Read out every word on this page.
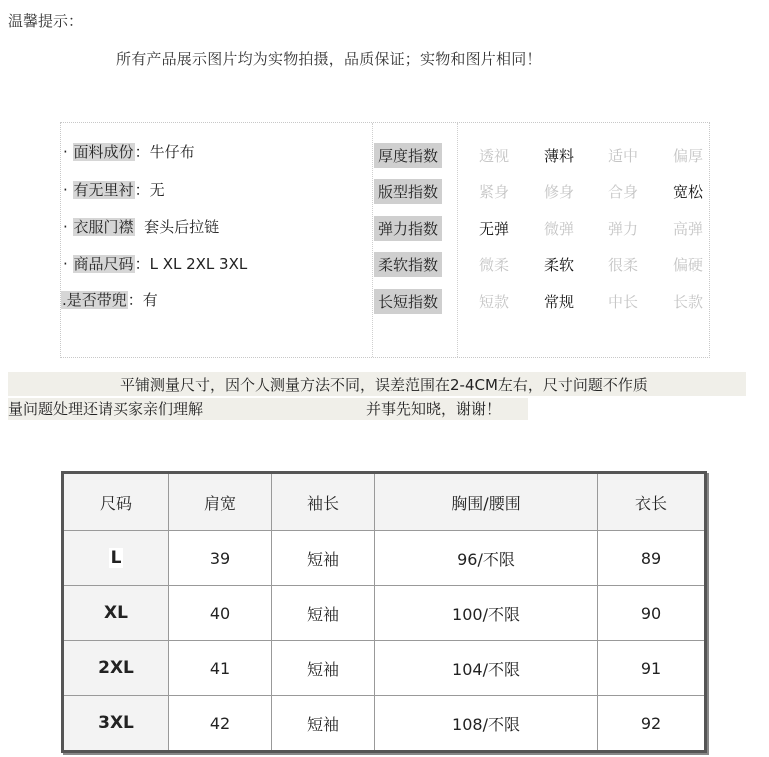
温馨提示：
所有产品展示图片均为实物拍摄，品质保证；实物和图片相同！
· 面料成份：牛仔布
· 有无里衬：无
· 衣服门襟 套头后拉链
· 商品尺码：L XL 2XL 3XL
.是否带兜：有
厚度指数	透视 薄料 适中 偏厚
版型指数	紧身 修身 合身 宽松
弹力指数	无弹 微弹 弹力 高弹
柔软指数	微柔 柔软 很柔 偏硬
长短指数	短款 常规 中长 长款
平铺测量尺寸，因个人测量方法不同，误差范围在2-4CM左右，尺寸问题不作质
量问题处理还请买家亲们理解	并事先知晓，谢谢！
尺码	肩宽	袖长	胸围/腰围	衣长
L	39	短袖	96/不限	89
XL	40	短袖	100/不限	90
2XL	41	短袖	104/不限	91
3XL	42	短袖	108/不限	92
